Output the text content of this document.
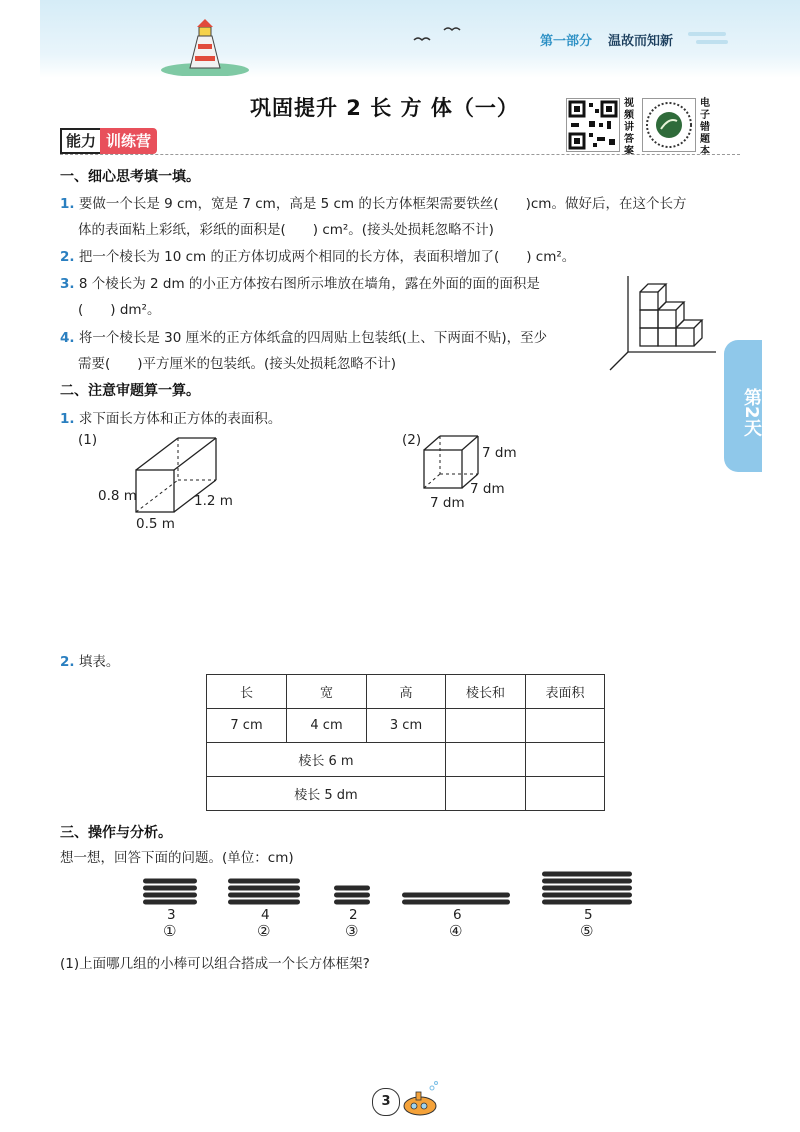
第一部分 温故而知新
巩固提升 2 长 方 体（一）	视频讲答案
电子错题本
能力 训练营
第2天
一、细心思考填一填。
1. 要做一个长是 9 cm，宽是 7 cm，高是 5 cm 的长方体框架需要铁丝(　　)cm。做好后，在这个长方
体的表面粘上彩纸，彩纸的面积是(　　) cm²。(接头处损耗忽略不计)
2. 把一个棱长为 10 cm 的正方体切成两个相同的长方体，表面积增加了(　　) cm²。
3. 8 个棱长为 2 dm 的小正方体按右图所示堆放在墙角，露在外面的面的面积是
(　　) dm²。
4. 将一个棱长是 30 厘米的正方体纸盒的四周贴上包装纸(上、下两面不贴)，至少
需要(　　)平方厘米的包装纸。(接头处损耗忽略不计)
二、注意审题算一算。
1. 求下面长方体和正方体的表面积。
(1)
0.8 m	1.2 m
0.5 m
(2)
7 dm
7 dm
7 dm
2. 填表。
长	宽	高	棱长和	表面积
7 cm	4 cm	3 cm		
棱长 6 m				
棱长 5 dm				
三、操作与分析。
想一想，回答下面的问题。(单位：cm)
3
①
4
②
2
③
6
④
5
⑤
(1)上面哪几组的小棒可以组合搭成一个长方体框架?
3
